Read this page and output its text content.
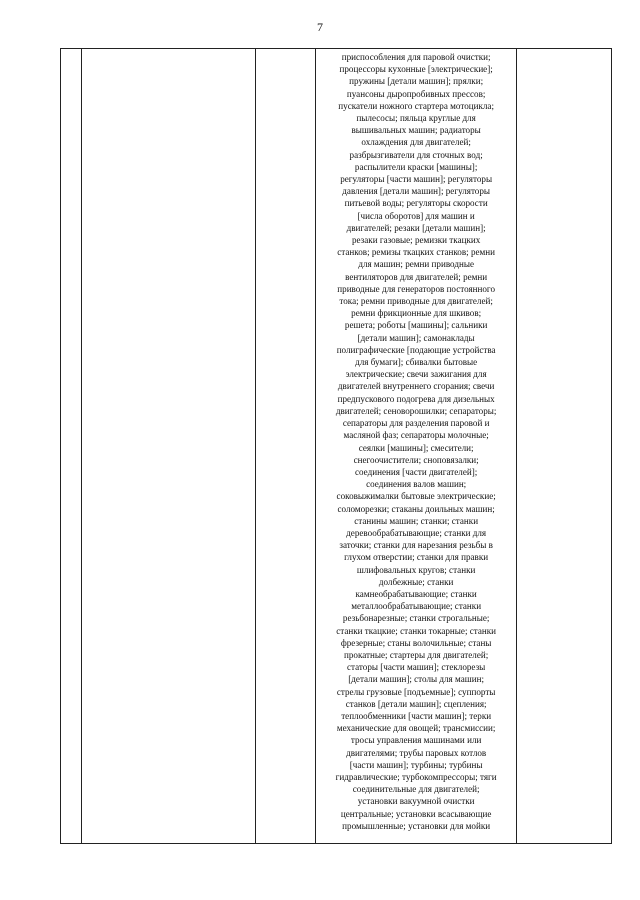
7

приспособления для паровой очистки;
процессоры кухонные [электрические];
пружины [детали машин]; прялки;
пуансоны дыропробивных прессов;
пускатели ножного стартера мотоцикла;
пылесосы; пяльца круглые для
вышивальных машин; радиаторы
охлаждения для двигателей;
разбрызгиватели для сточных вод;
распылители краски [машины];
регуляторы [части машин]; регуляторы
давления [детали машин]; регуляторы
питьевой воды; регуляторы скорости
[числа оборотов] для машин и
двигателей; резаки [детали машин];
резаки газовые; ремизки ткацких
станков; ремизы ткацких станков; ремни
для машин; ремни приводные
вентиляторов для двигателей; ремни
приводные для генераторов постоянного
тока; ремни приводные для двигателей;
ремни фрикционные для шкивов;
решета; роботы [машины]; сальники
[детали машин]; самонаклады
полиграфические [подающие устройства
для бумаги]; сбивалки бытовые
электрические; свечи зажигания для
двигателей внутреннего сгорания; свечи
предпускового подогрева для дизельных
двигателей; сеноворошилки; сепараторы;
сепараторы для разделения паровой и
масляной фаз; сепараторы молочные;
сеялки [машины]; смесители;
снегоочистители; сноповязалки;
соединения [части двигателей];
соединения валов машин;
соковыжималки бытовые электрические;
соломорезки; стаканы доильных машин;
станины машин; станки; станки
деревообрабатывающие; станки для
заточки; станки для нарезания резьбы в
глухом отверстии; станки для правки
шлифовальных кругов; станки
долбежные; станки
камнеобрабатывающие; станки
металлообрабатывающие; станки
резьбонарезные; станки строгальные;
станки ткацкие; станки токарные; станки
фрезерные; станы волочильные; станы
прокатные; стартеры для двигателей;
статоры [части машин]; стеклорезы
[детали машин]; столы для машин;
стрелы грузовые [подъемные]; суппорты
станков [детали машин]; сцепления;
теплообменники [части машин]; терки
механические для овощей; трансмиссии;
тросы управления машинами или
двигателями; трубы паровых котлов
[части машин]; турбины; турбины
гидравлические; турбокомпрессоры; тяги
соединительные для двигателей;
установки вакуумной очистки
центральные; установки всасывающие
промышленные; установки для мойки
